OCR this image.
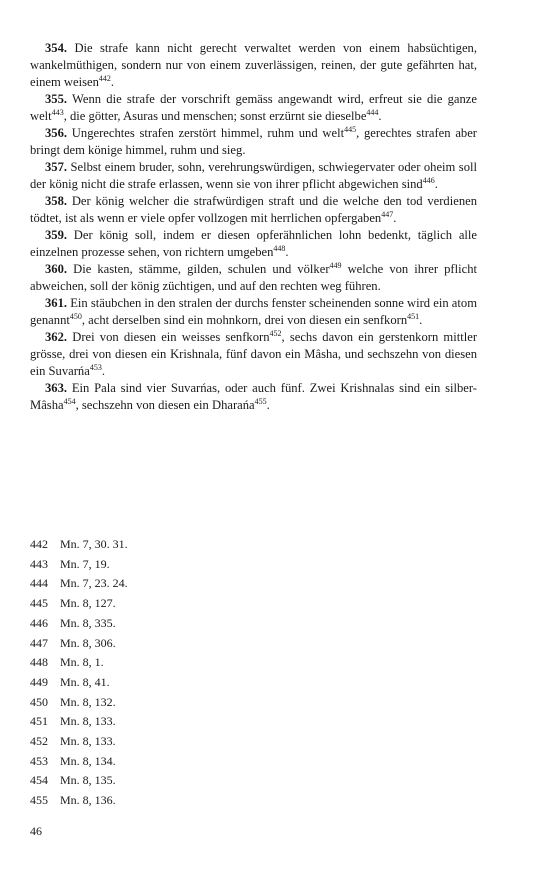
354. Die strafe kann nicht gerecht verwaltet werden von einem habsüchtigen, wankelmüthigen, sondern nur von einem zuverlässigen, reinen, der gute gefährten hat, einem weisen$^{442}$.

355. Wenn die strafe der vorschrift gemäss angewandt wird, erfreut sie die ganze welt$^{443}$, die götter, Asuras und menschen; sonst erzürnt sie dieselbe$^{444}$.

356. Ungerechtes strafen zerstört himmel, ruhm und welt$^{445}$, gerechtes strafen aber bringt dem könige himmel, ruhm und sieg.

357. Selbst einem bruder, sohn, verehrungswürdigen, schwiegervater oder oheim soll der könig nicht die strafe erlassen, wenn sie von ihrer pflicht abgewichen sind$^{446}$.

358. Der könig welcher die strafwürdigen straft und die welche den tod verdienen tödtet, ist als wenn er viele opfer vollzogen mit herrlichen opfergaben$^{447}$.

359. Der könig soll, indem er diesen opferähnlichen lohn bedenkt, täglich alle einzelnen prozesse sehen, von richtern umgeben$^{448}$.

360. Die kasten, stämme, gilden, schulen und völker$^{449}$ welche von ihrer pflicht abweichen, soll der könig züchtigen, und auf den rechten weg führen.

361. Ein stäubchen in den stralen der durchs fenster scheinenden sonne wird ein atom genannt$^{450}$, acht derselben sind ein mohnkorn, drei von diesen ein senfkorn$^{451}$.

362. Drei von diesen ein weisses senfkorn$^{452}$, sechs davon ein gerstenkorn mittler grösse, drei von diesen ein Krishnala, fünf davon ein Mâsha, und sechszehn von diesen ein Suvarńa$^{453}$.

363. Ein Pala sind vier Suvarńas, oder auch fünf. Zwei Krishnalas sind ein silber-Mâsha$^{454}$, sechszehn von diesen ein Dharańa$^{455}$.

442	Mn. 7, 30. 31.
443	Mn. 7, 19.
444	Mn. 7, 23. 24.
445	Mn. 8, 127.
446	Mn. 8, 335.
447	Mn. 8, 306.
448	Mn. 8, 1.
449	Mn. 8, 41.
450	Mn. 8, 132.
451	Mn. 8, 133.
452	Mn. 8, 133.
453	Mn. 8, 134.
454	Mn. 8, 135.
455	Mn. 8, 136.
46
